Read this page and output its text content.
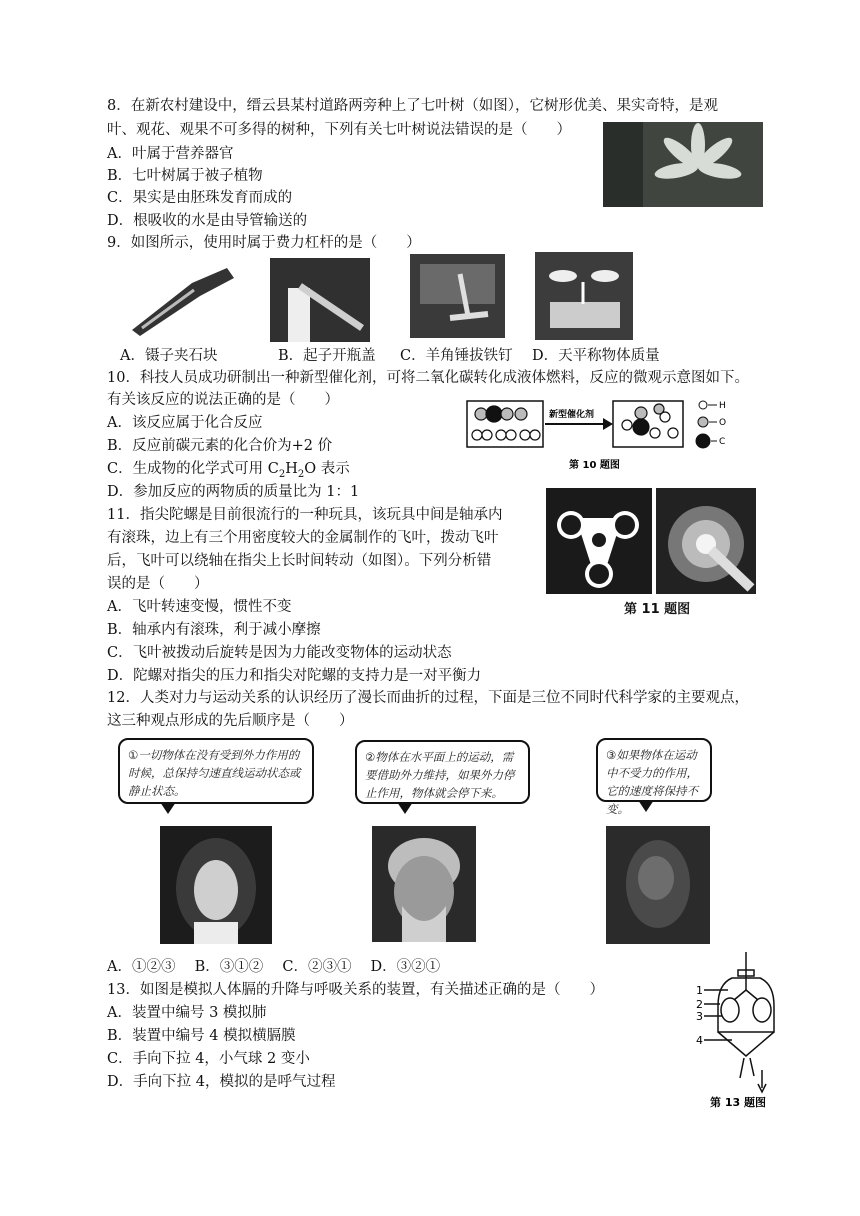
8．在新农村建设中，缙云县某村道路两旁种上了七叶树（如图），它树形优美、果实奇特，是观
叶、观花、观果不可多得的树种，下列有关七叶树说法错误的是（　　）
A．叶属于营养器官
B．七叶树属于被子植物
C．果实是由胚珠发育而成的
D．根吸收的水是由导管输送的
9．如图所示，使用时属于费力杠杆的是（　　）
A．镊子夹石块	B．起子开瓶盖 C．羊角锤拔铁钉 D．天平称物体质量
10．科技人员成功研制出一种新型催化剂，可将二氧化碳转化成液体燃料，反应的微观示意图如下。
有关该反应的说法正确的是（　　）
A．该反应属于化合反应
B．反应前碳元素的化合价为+2 价
C．生成物的化学式可用 $C_2H_2O$ 表示
D．参加反应的两物质的质量比为 1：1
新型催化剂
H
O
C
第 10 题图
11．指尖陀螺是目前很流行的一种玩具，该玩具中间是轴承内
有滚珠，边上有三个用密度较大的金属制作的飞叶，拨动飞叶
后，飞叶可以绕轴在指尖上长时间转动（如图）。下列分析错
误的是（　　）
A．飞叶转速变慢，惯性不变
B．轴承内有滚珠，利于减小摩擦
C．飞叶被拨动后旋转是因为力能改变物体的运动状态
D．陀螺对指尖的压力和指尖对陀螺的支持力是一对平衡力
第 11 题图
12．人类对力与运动关系的认识经历了漫长而曲折的过程，下面是三位不同时代科学家的主要观点，
这三种观点形成的先后顺序是（　　）
①一切物体在没有受到外力作用的时候，总保持匀速直线运动状态或静止状态。
②物体在水平面上的运动，需要借助外力维持，如果外力停止作用，物体就会停下来。
③如果物体在运动中不受力的作用，它的速度将保持不变。
A．①②③　 B．③①②　 C．②③①　 D．③②①
13．如图是模拟人体膈的升降与呼吸关系的装置，有关描述正确的是（　　）
A．装置中编号 3 模拟肺
B．装置中编号 4 模拟横膈膜
C．手向下拉 4，小气球 2 变小
D．手向下拉 4，模拟的是呼气过程
1
2
3
4
第 13 题图
